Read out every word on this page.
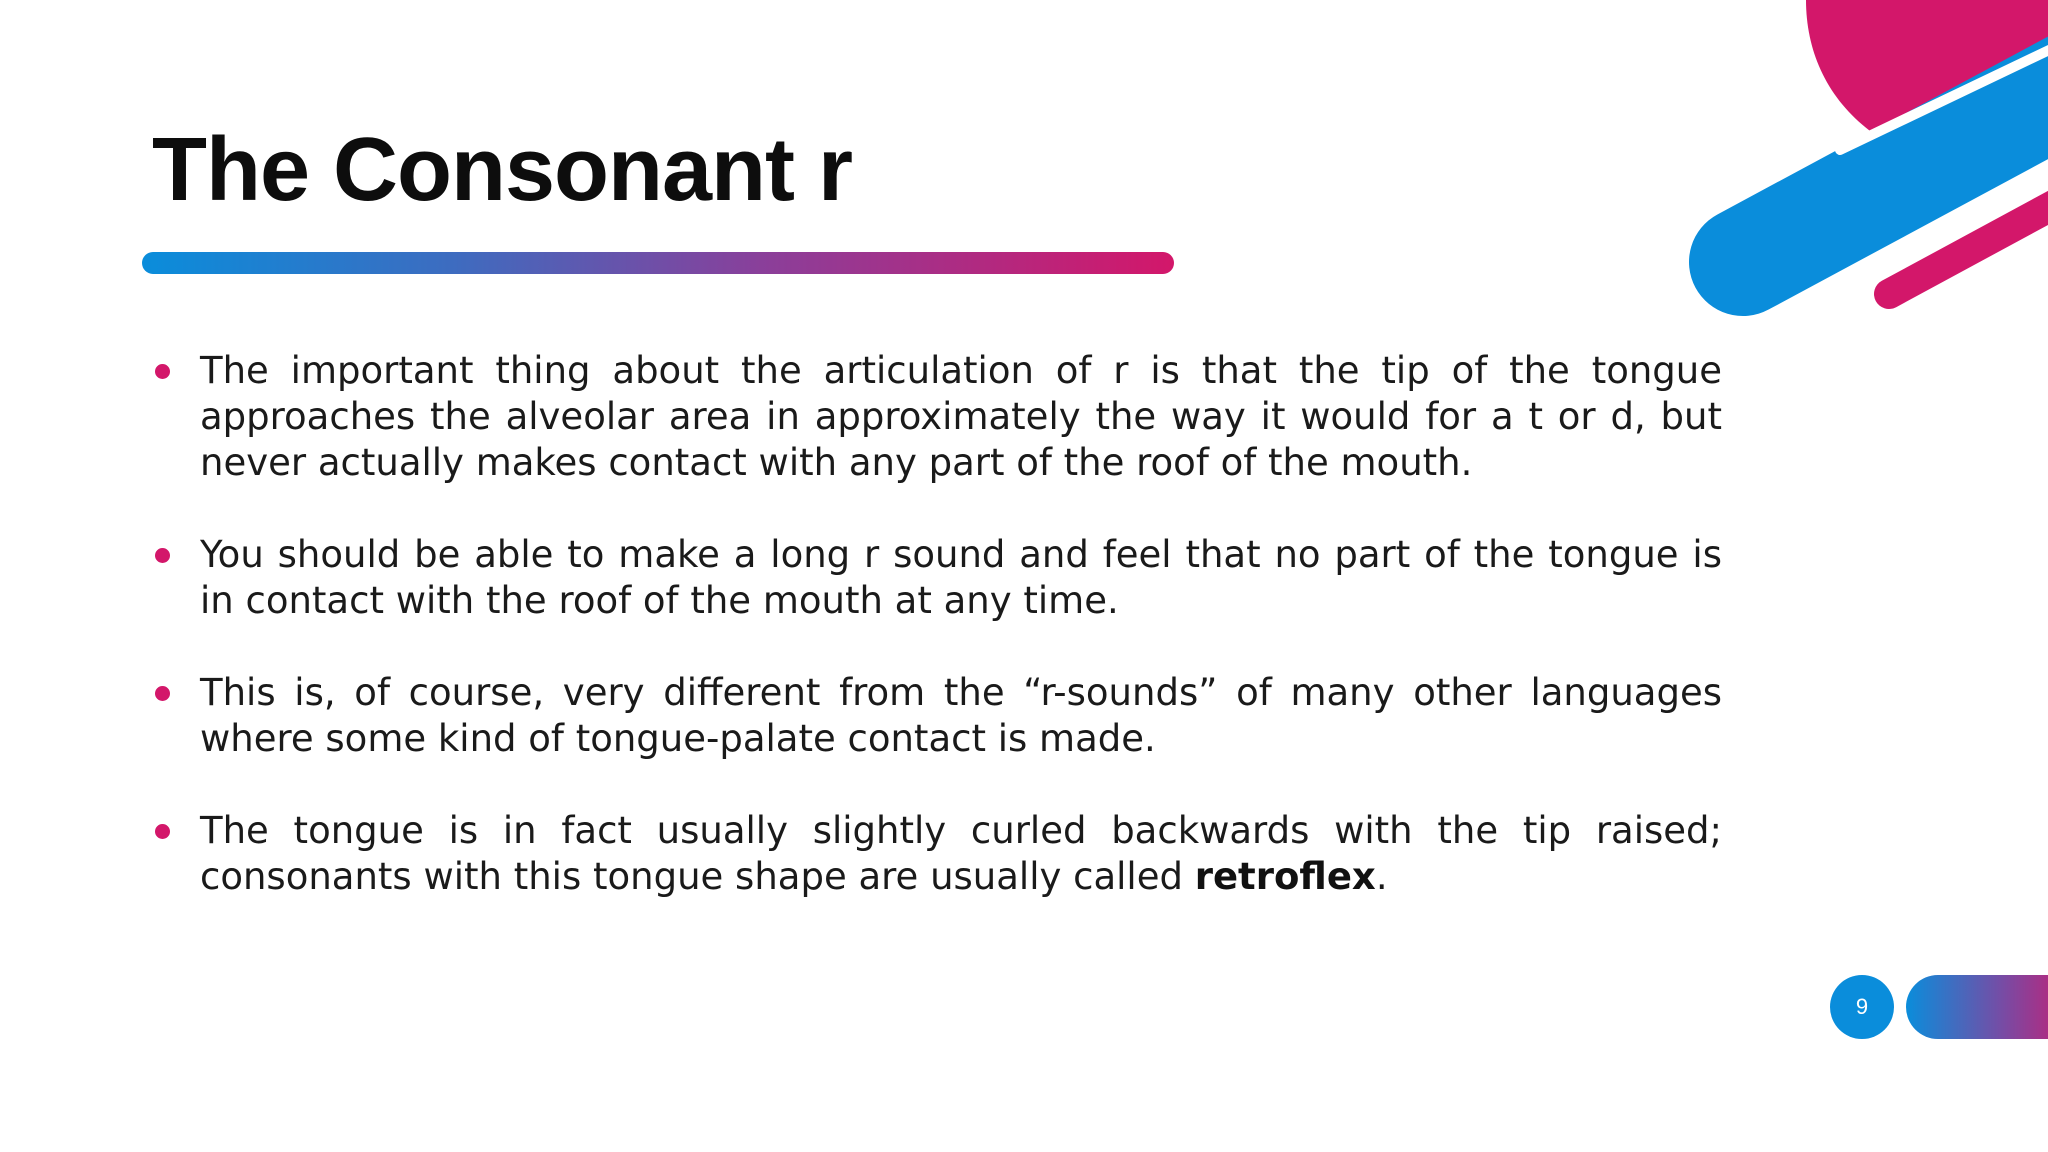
The Consonant r
The important thing about the articulation of r is that the tip of the tongue approaches the alveolar area in approximately the way it would for a t or d, but never actually makes contact with any part of the roof of the mouth.
You should be able to make a long r sound and feel that no part of the tongue is in contact with the roof of the mouth at any time.
This is, of course, very different from the “r-sounds” of many other languages where some kind of tongue-palate contact is made.
The tongue is in fact usually slightly curled backwards with the tip raised; consonants with this tongue shape are usually called retroflex.
9
